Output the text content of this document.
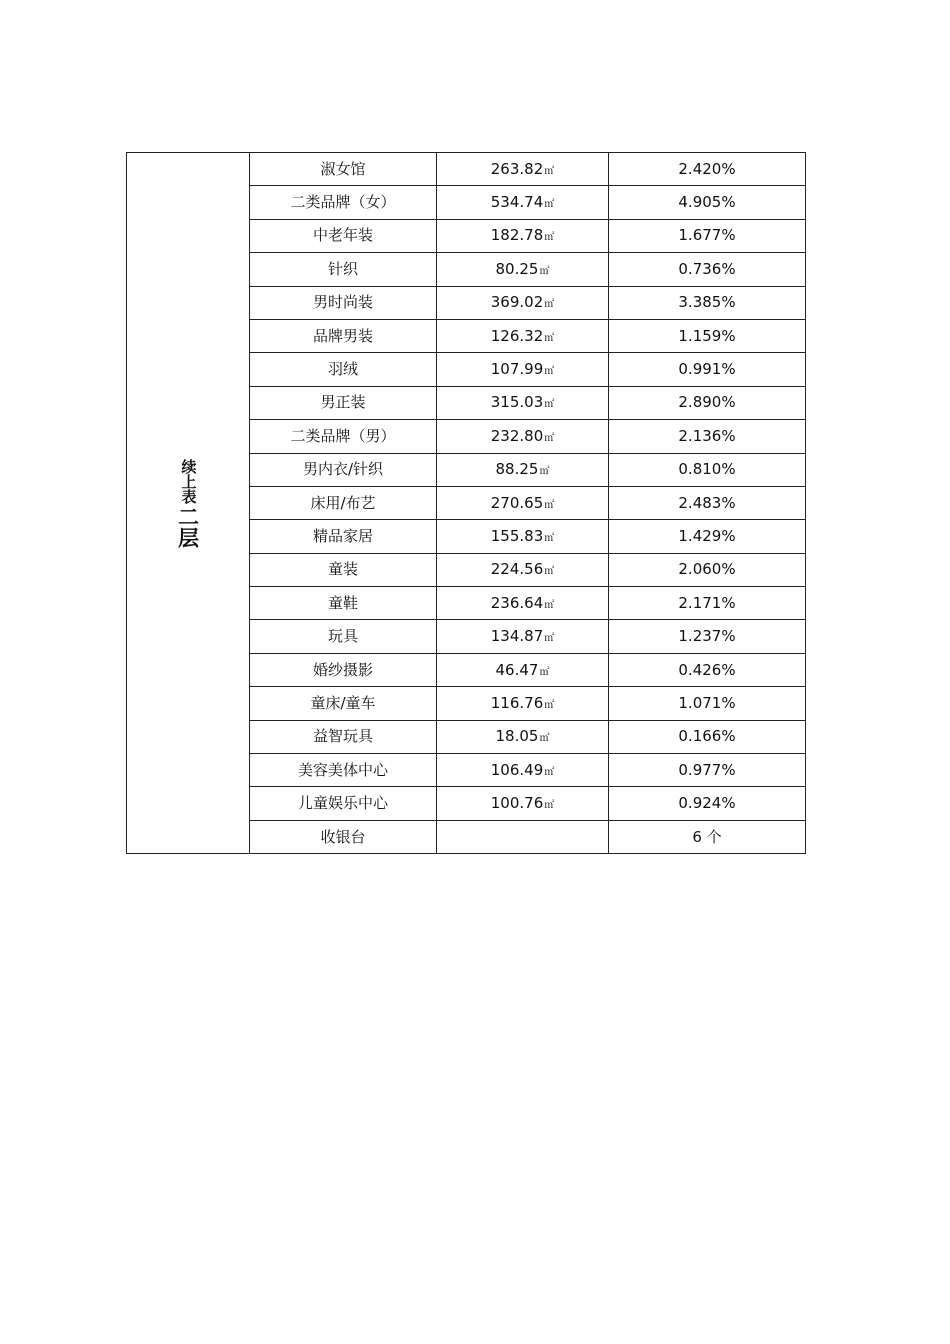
续上表
二层	淑女馆	263.82㎡	2.420%
	二类品牌（女）	534.74㎡	4.905%
	中老年装	182.78㎡	1.677%
	针织	80.25㎡	0.736%
	男时尚装	369.02㎡	3.385%
	品牌男装	126.32㎡	1.159%
	羽绒	107.99㎡	0.991%
	男正装	315.03㎡	2.890%
	二类品牌（男）	232.80㎡	2.136%
	男内衣/针织	88.25㎡	0.810%
	床用/布艺	270.65㎡	2.483%
	精品家居	155.83㎡	1.429%
	童装	224.56㎡	2.060%
	童鞋	236.64㎡	2.171%
	玩具	134.87㎡	1.237%
	婚纱摄影	46.47㎡	0.426%
	童床/童车	116.76㎡	1.071%
	益智玩具	18.05㎡	0.166%
	美容美体中心	106.49㎡	0.977%
	儿童娱乐中心	100.76㎡	0.924%
	收银台		6 个
